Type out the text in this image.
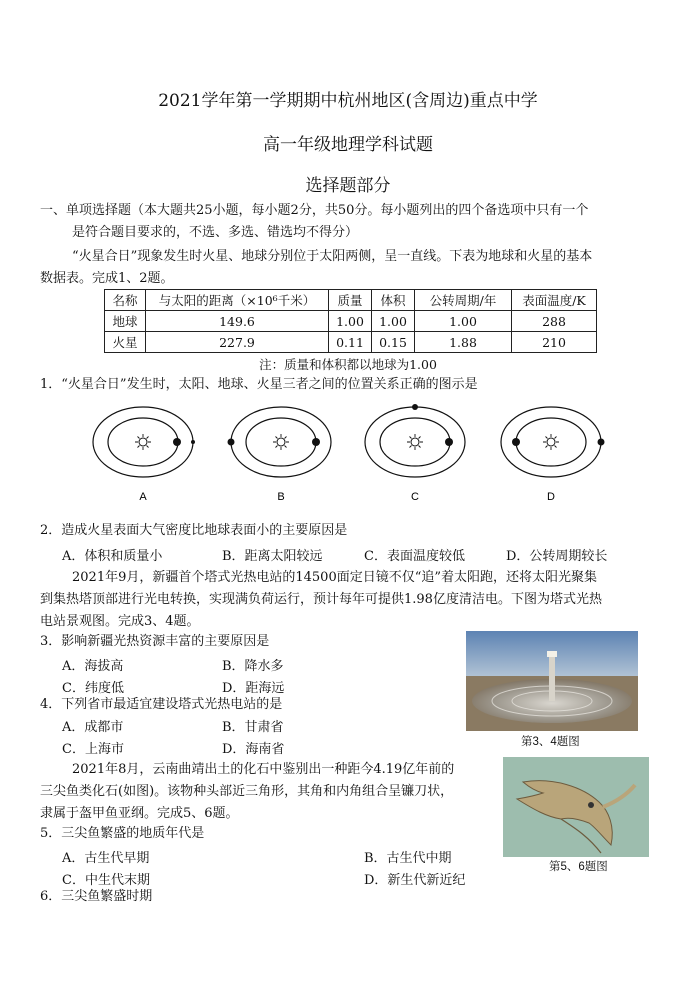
2021学年第一学期期中杭州地区(含周边)重点中学
高一年级地理学科试题
选择题部分
一、单项选择题（本大题共25小题，每小题2分，共50分。每小题列出的四个备选项中只有一个
是符合题目要求的，不选、多选、错选均不得分）
“火星合日”现象发生时火星、地球分别位于太阳两侧，呈一直线。下表为地球和火星的基本
数据表。完成1、2题。
名称	与太阳的距离（×10⁶千米）	质量	体积	公转周期/年	表面温度/K
地球	149.6	1.00	1.00	1.00	288
火星	227.9	0.11	0.15	1.88	210
注：质量和体积都以地球为1.00
1．“火星合日”发生时，太阳、地球、火星三者之间的位置关系正确的图示是
A	B	C	D
2．造成火星表面大气密度比地球表面小的主要原因是
A．体积和质量小	B．距离太阳较远	C．表面温度较低	D．公转周期较长
2021年9月，新疆首个塔式光热电站的14500面定日镜不仅“追”着太阳跑，还将太阳光聚集
到集热塔顶部进行光电转换，实现满负荷运行，预计每年可提供1.98亿度清洁电。下图为塔式光热
电站景观图。完成3、4题。
3．影响新疆光热资源丰富的主要原因是
A．海拔高	B．降水多
C．纬度低	D．距海远
4．下列省市最适宜建设塔式光热电站的是
A．成都市	B．甘肃省
C．上海市	D．海南省	第3、4题图
2021年8月，云南曲靖出土的化石中鉴别出一种距今4.19亿年前的
三尖鱼类化石(如图)。该物种头部近三角形，其角和内角组合呈镰刀状，
隶属于盔甲鱼亚纲。完成5、6题。
第5、6题图
5．三尖鱼繁盛的地质年代是
A．古生代早期	B．古生代中期
C．中生代末期	D．新生代新近纪
6．三尖鱼繁盛时期
